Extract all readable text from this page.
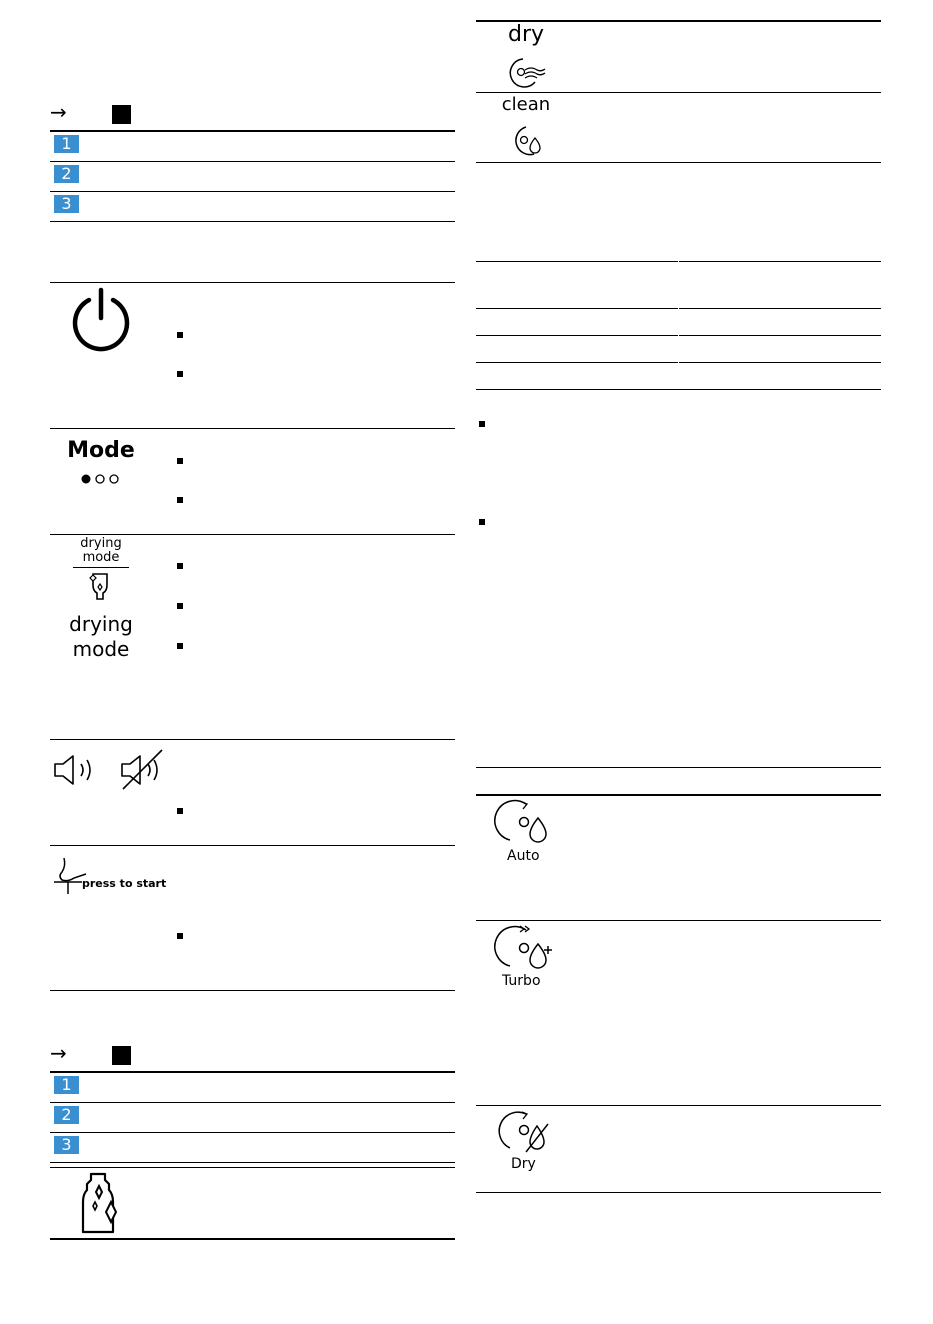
→
1
2
3
Mode
drying
mode
drying
mode
press to start
→
1
2
3
dry
clean
Auto
Turbo
Dry
